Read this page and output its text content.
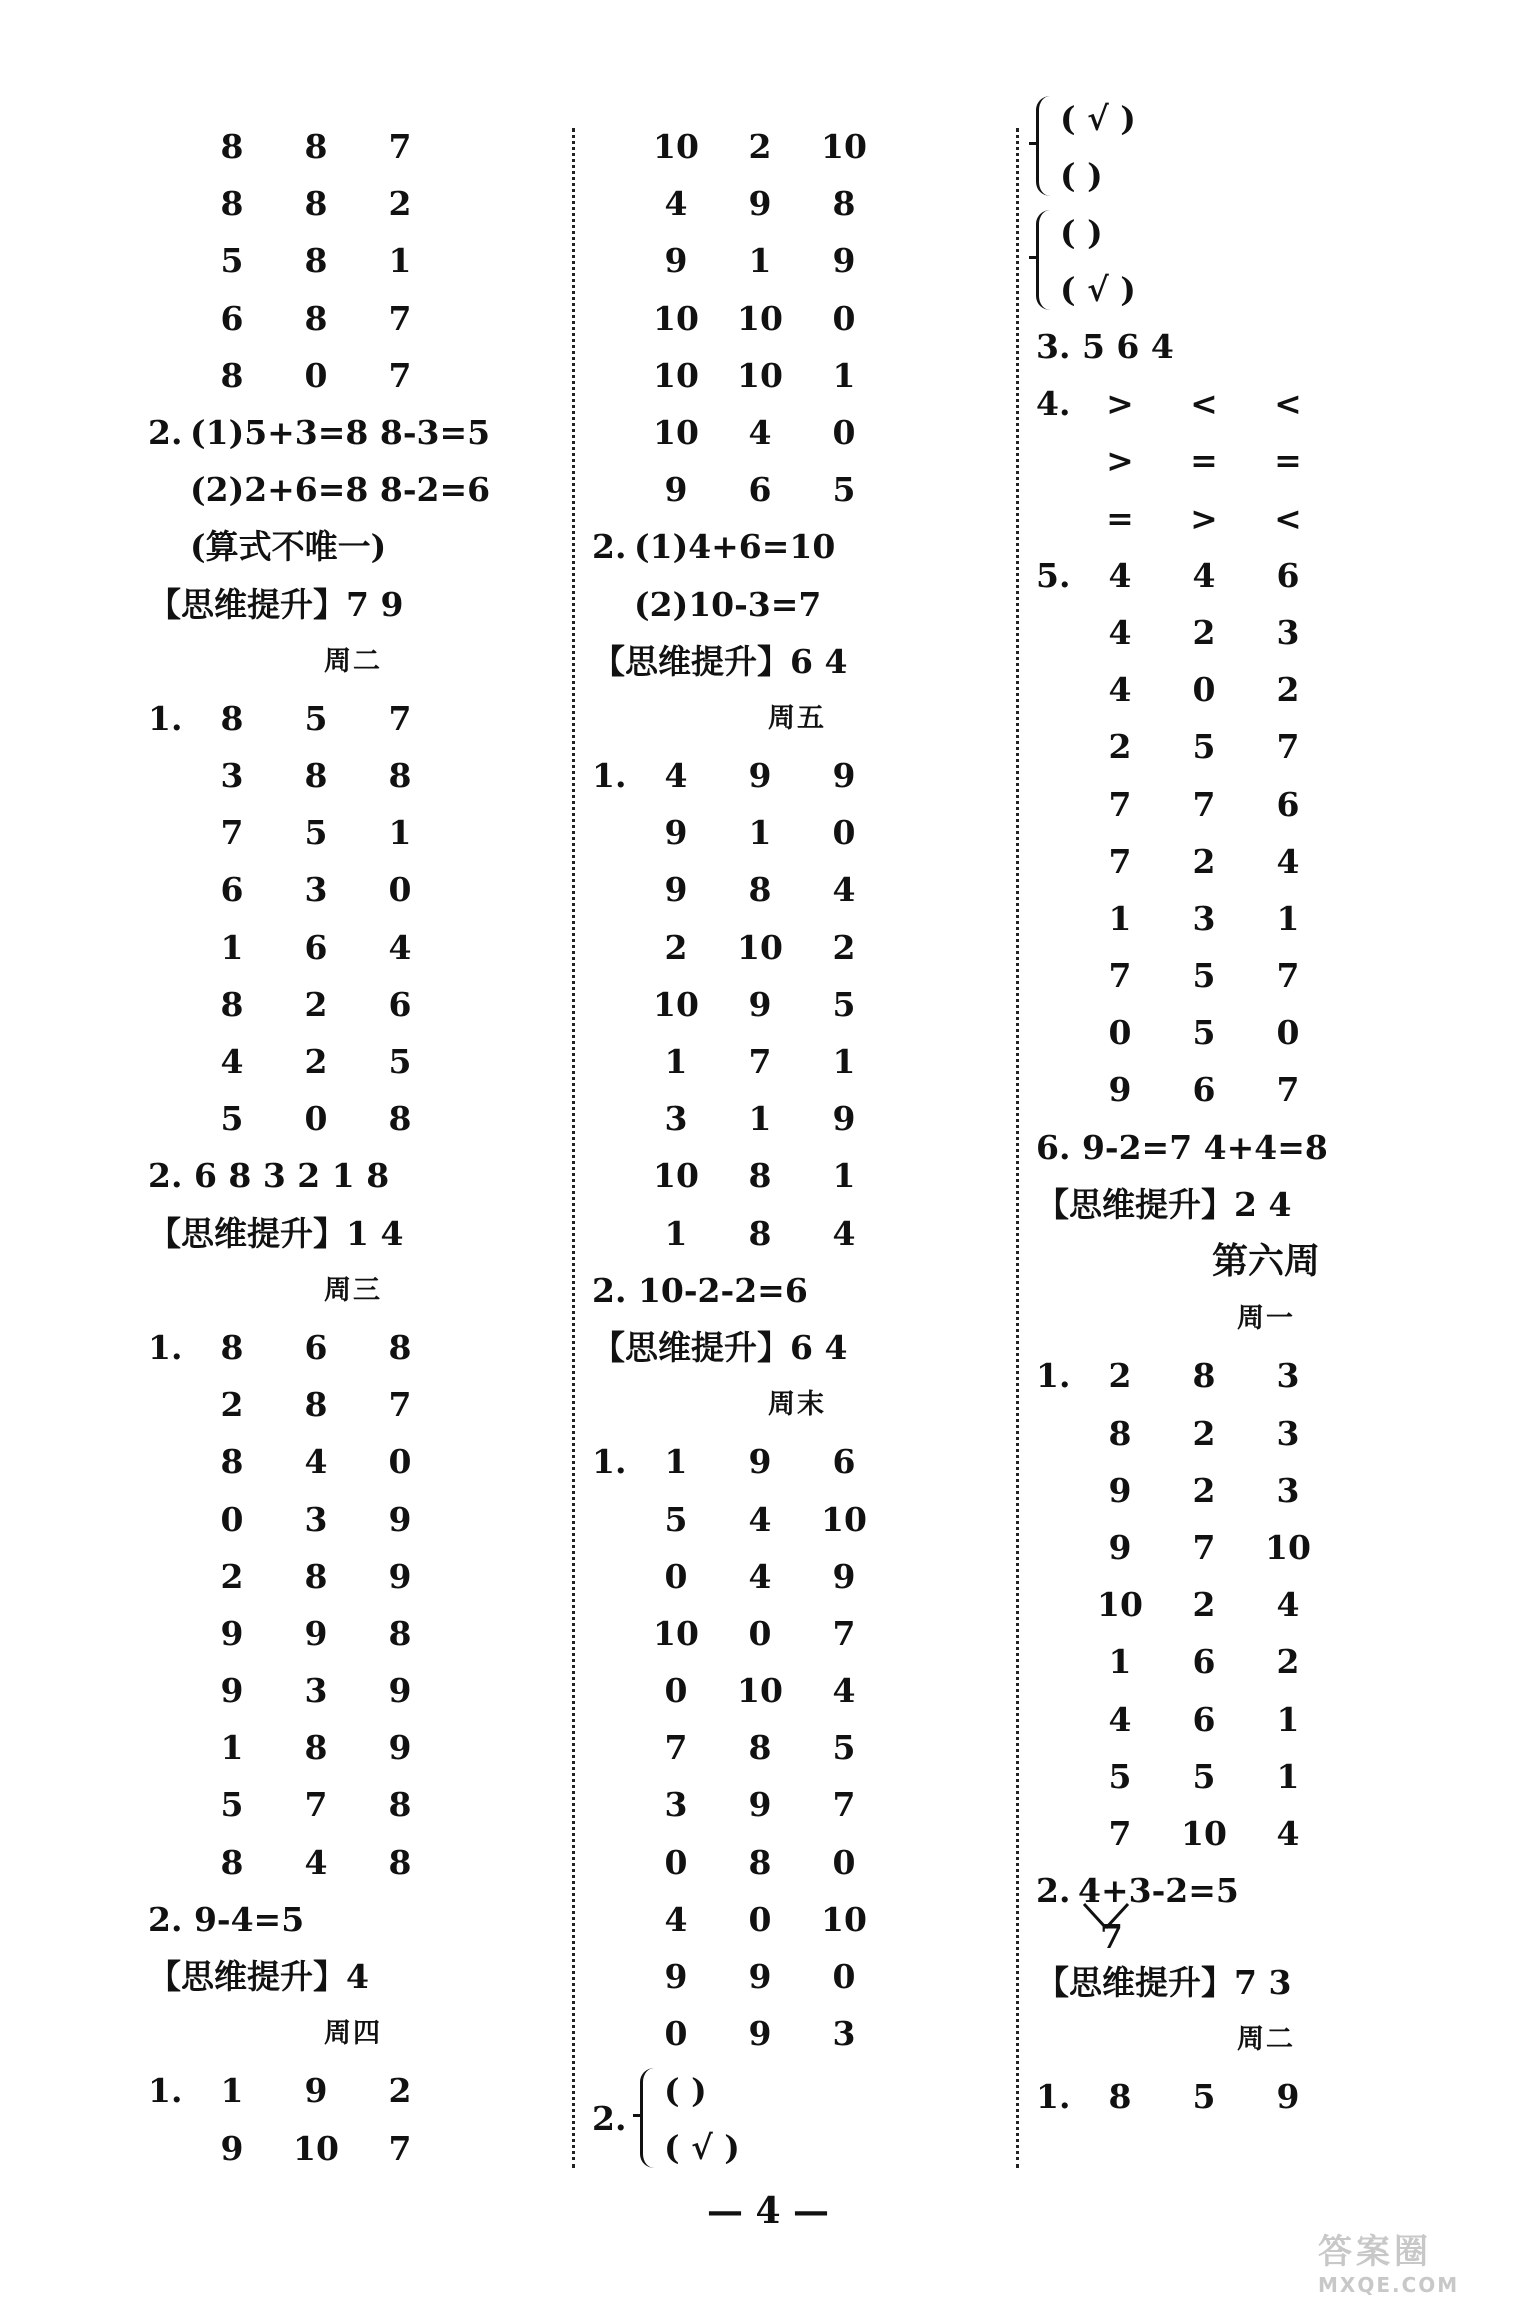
8 8 7
8 8 2
5 8 1
6 8 7
8 0 7
2. (1)5+3=8 8-3=5
(2)2+6=8 8-2=6
(算式不唯一)
【思维提升】7 9
周二
1. 8 5 7
3 8 8
7 5 1
6 3 0
1 6 4
8 2 6
4 2 5
5 0 8
2. 6 8 3 2 1 8
【思维提升】1 4
周三
1. 8 6 8
2 8 7
8 4 0
0 3 9
2 8 9
9 9 8
9 3 9
1 8 9
5 7 8
8 4 8
2. 9-4=5
【思维提升】4
周四
1. 1 9 2
9 10 7
10 2 10
4 9 8
9 1 9
10 10 0
10 10 1
10 4 0
9 6 5
2. (1)4+6=10
(2)10-3=7
【思维提升】6 4
周五
1. 4 9 9
9 1 0
9 8 4
2 10 2
10 9 5
1 7 1
3 1 9
10 8 1
1 8 4
2. 10-2-2=6
【思维提升】6 4
周末
1. 1 9 6
5 4 10
0 4 9
10 0 7
0 10 4
7 8 5
3 9 7
0 8 0
4 0 10
9 9 0
0 9 3
2.
( )
( √ )
( √ )
( )
( )
( √ )
3. 5 6 4
4. > < <
> = =
= > <
5. 4 4 6
4 2 3
4 0 2
2 5 7
7 7 6
7 2 4
1 3 1
7 5 7
0 5 0
9 6 7
6. 9-2=7 4+4=8
【思维提升】2 4
第六周
周一
1. 2 8 3
8 2 3
9 2 3
9 7 10
10 2 4
1 6 2
4 6 1
5 5 1
7 10 4
2. 4+3-2=5
7
【思维提升】7 3
周二
1. 8 5 9
— 4 —
答案圈
MXQE.COM
